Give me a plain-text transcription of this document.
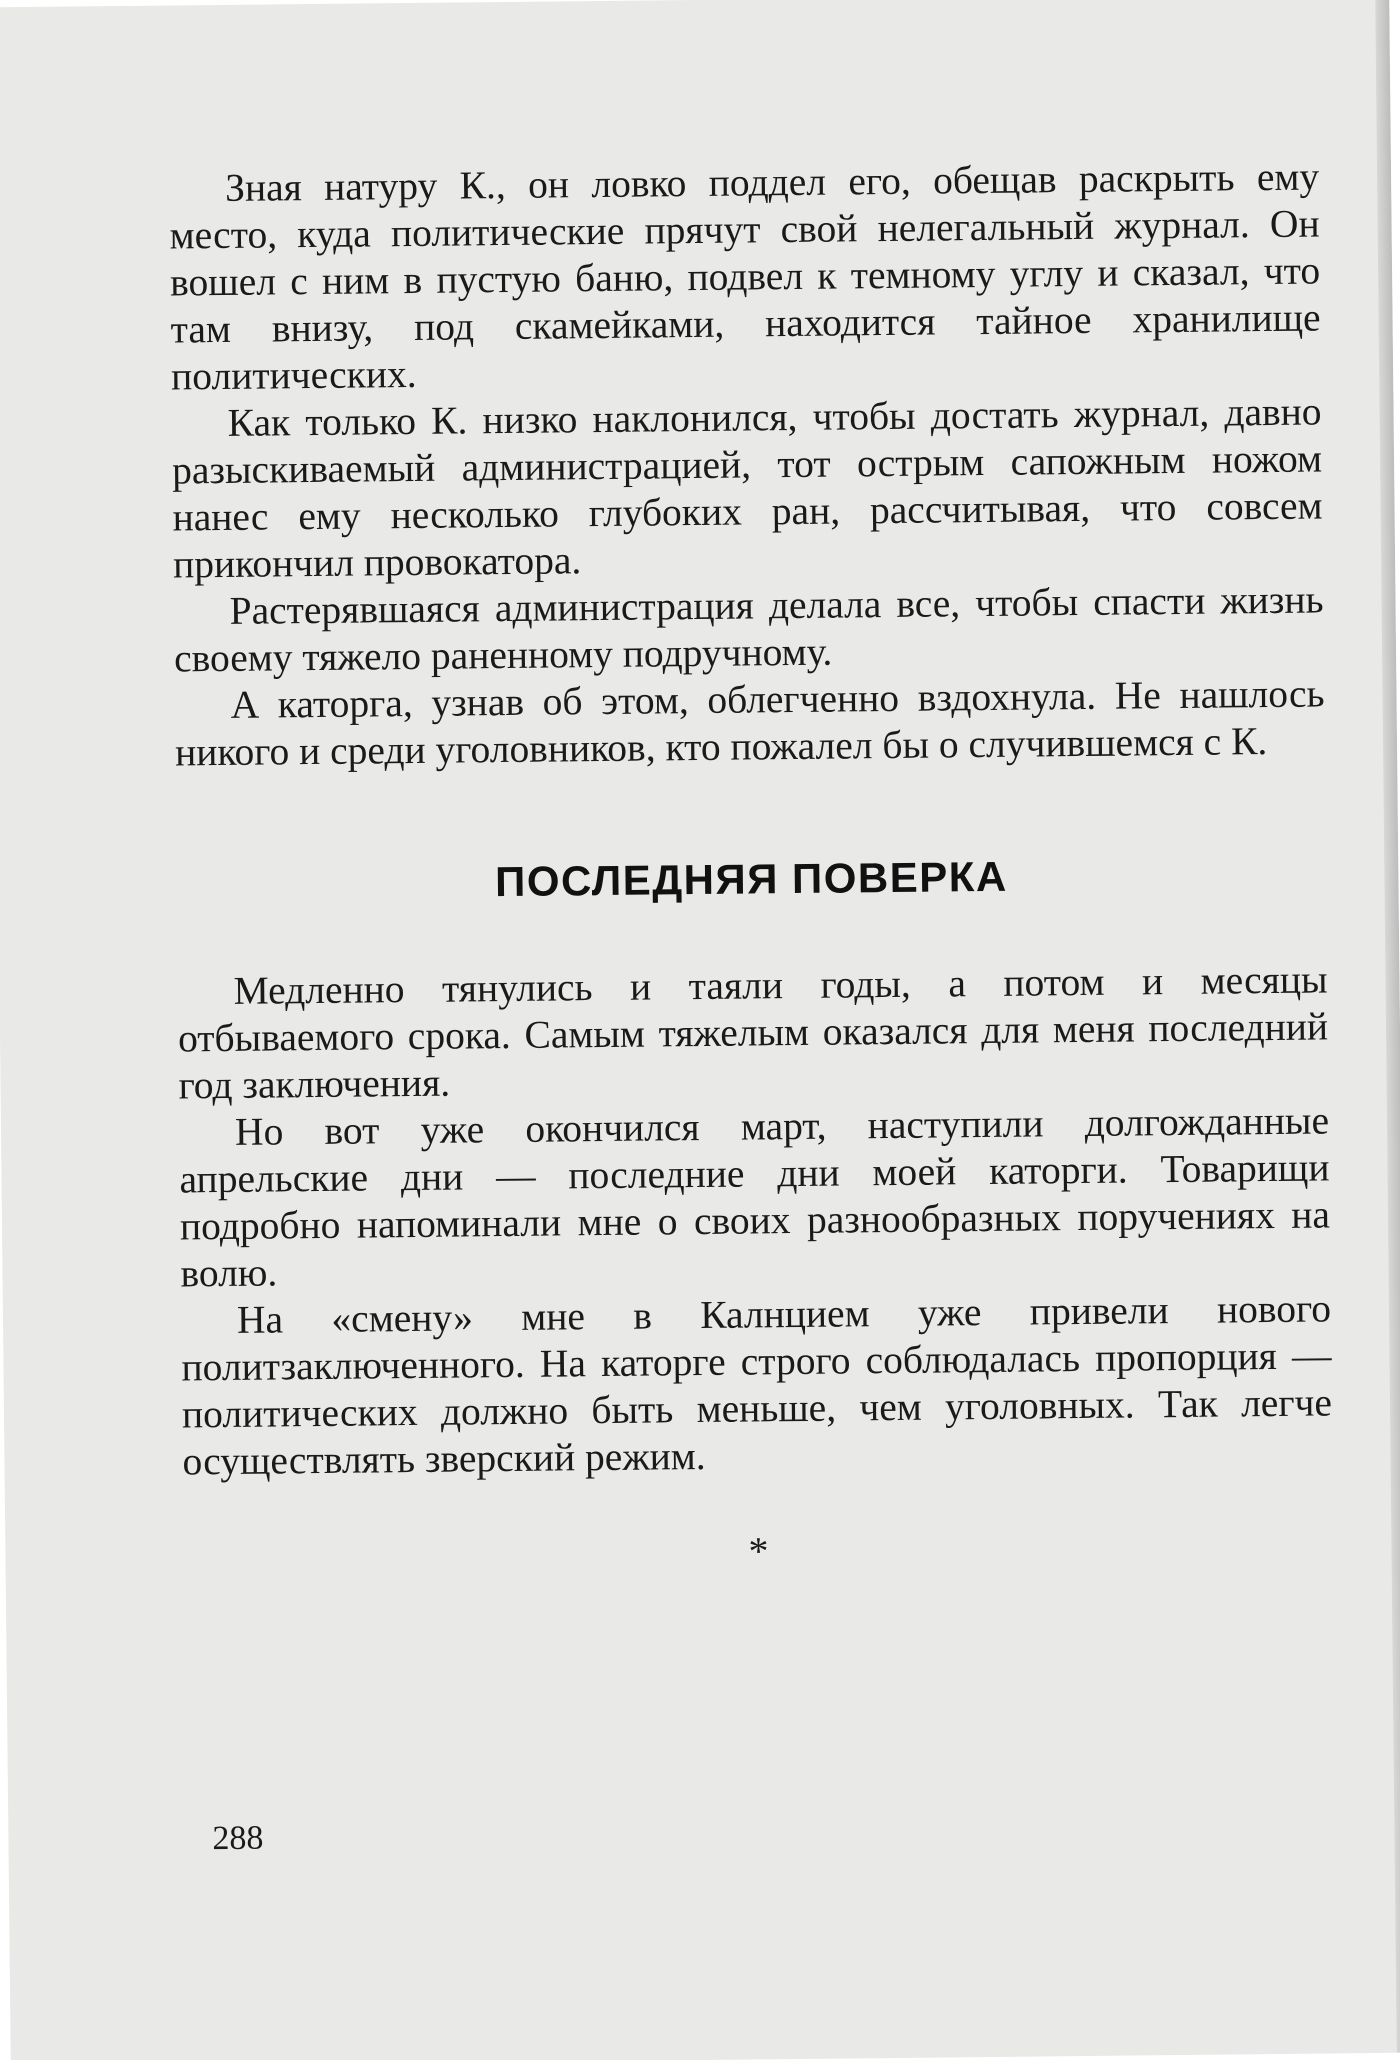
Зная натуру К., он ловко поддел его, обещав раскрыть ему место, куда политические прячут свой нелегальный журнал. Он вошел с ним в пустую баню, подвел к темному углу и сказал, что там внизу, под скамейками, находится тайное хранилище политических.

Как только К. низко наклонился, чтобы достать журнал, давно разыскиваемый администрацией, тот острым сапожным ножом нанес ему несколько глубоких ран, рассчитывая, что совсем прикончил провокатора.

Растерявшаяся администрация делала все, чтобы спасти жизнь своему тяжело раненному подручному.

А каторга, узнав об этом, облегченно вздохнула. Не нашлось никого и среди уголовников, кто пожалел бы о случившемся с К.

ПОСЛЕДНЯЯ ПОВЕРКА

Медленно тянулись и таяли годы, а потом и месяцы отбываемого срока. Самым тяжелым оказался для меня последний год заключения.

Но вот уже окончился март, наступили долгожданные апрельские дни — последние дни моей каторги. Товарищи подробно напоминали мне о своих разнообразных поручениях на волю.

На «смену» мне в Калнцием уже привели нового политзаключенного. На каторге строго соблюдалась пропорция — политических должно быть меньше, чем уголовных. Так легче осуществлять зверский режим.

*
288
